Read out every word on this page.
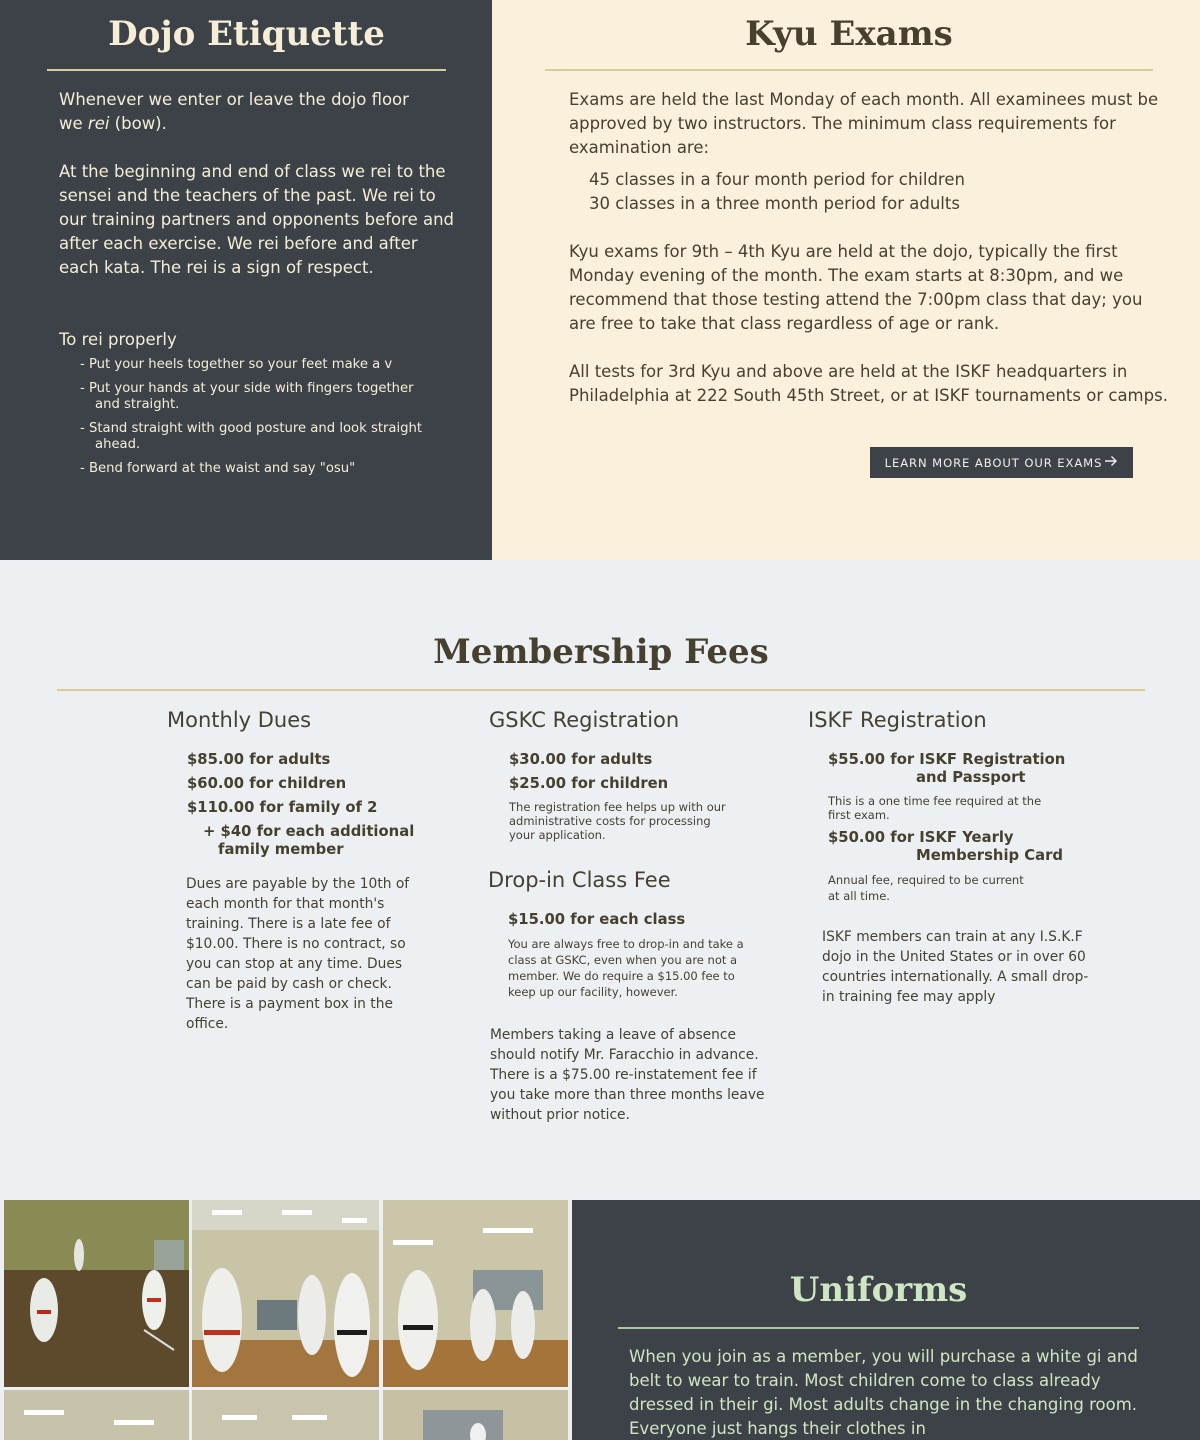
Dojo Etiquette

Whenever we enter or leave the dojo floor
we rei (bow).

At the beginning and end of class we rei to the sensei and the teachers of the past. We rei to our training partners and opponents before and after each exercise. We rei before and after each kata. The rei is a sign of respect.

To rei properly

- Put your heels together so your feet make a v
- Put your hands at your side with fingers together and straight.
- Stand straight with good posture and look straight ahead.
- Bend forward at the waist and say "osu"
Kyu Exams

Exams are held the last Monday of each month. All examinees must be approved by two instructors. The minimum class requirements for examination are:

45 classes in a four month period for children

30 classes in a three month period for adults

Kyu exams for 9th – 4th Kyu are held at the dojo, typically the first Monday evening of the month. The exam starts at 8:30pm, and we recommend that those testing attend the 7:00pm class that day; you are free to take that class regardless of age or rank.

All tests for 3rd Kyu and above are held at the ISKF headquarters in Philadelphia at 222 South 45th Street, or at ISKF tournaments or camps.

LEARN MORE ABOUT OUR EXAMS
Membership Fees
Monthly Dues
$85.00 for adults
$60.00 for children
$110.00 for family of 2
+ $40 for each additional family member

Dues are payable by the 10th of each month for that month's training. There is a late fee of $10.00. There is no contract, so you can stop at any time. Dues can be paid by cash or check. There is a payment box in the office.

GSKC Registration
$30.00 for adults
$25.00 for children

The registration fee helps up with our administrative costs for processing your application.

Drop-in Class Fee
$15.00 for each class

You are always free to drop-in and take a class at GSKC, even when you are not a member. We do require a $15.00 fee to keep up our facility, however.

Members taking a leave of absence should notify Mr. Faracchio in advance. There is a $75.00 re-instatement fee if you take more than three months leave without prior notice.

ISKF Registration
$55.00 for ISKF Registration
and Passport

This is a one time fee required at the first exam.

$50.00 for ISKF Yearly
Membership Card

Annual fee, required to be current at all time.

ISKF members can train at any I.S.K.F dojo in the United States or in over 60 countries internationally. A small drop-in training fee may apply

Uniforms

When you join as a member, you will purchase a white gi and belt to wear to train. Most children come to class already dressed in their gi. Most adults change in the changing room. Everyone just hangs their clothes in
